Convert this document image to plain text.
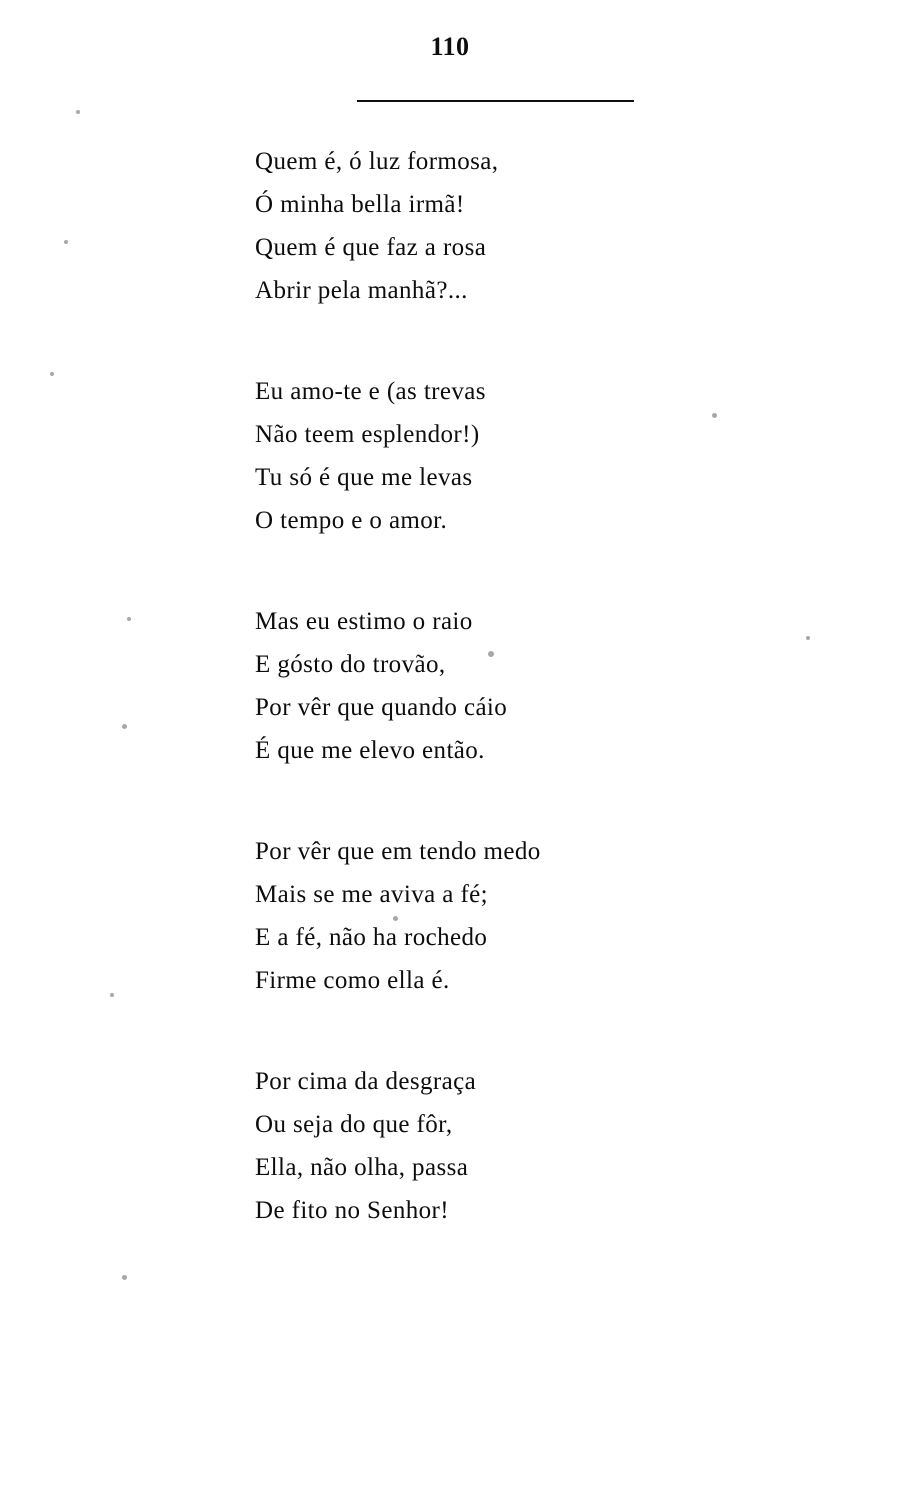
110
Quem é, ó luz formosa,
Ó minha bella irmã!
Quem é que faz a rosa
Abrir pela manhã?...
Eu amo-te e (as trevas
Não teem esplendor!)
Tu só é que me levas
O tempo e o amor.
Mas eu estimo o raio
E gósto do trovão,
Por vêr que quando cáio
É que me elevo então.
Por vêr que em tendo medo
Mais se me aviva a fé;
E a fé, não ha rochedo
Firme como ella é.
Por cima da desgraça
Ou seja do que fôr,
Ella, não olha, passa
De fito no Senhor!
